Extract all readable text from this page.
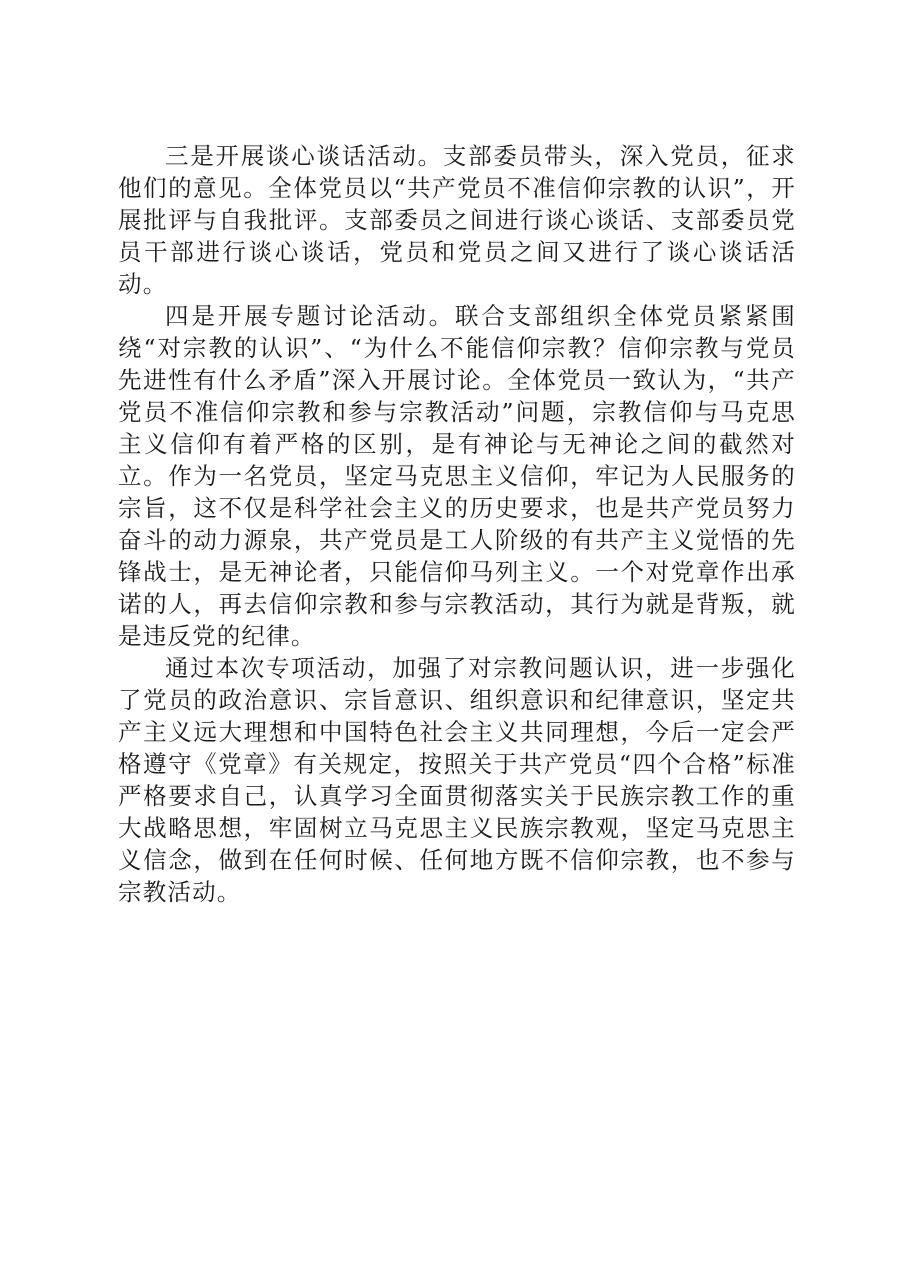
三是开展谈心谈话活动。支部委员带头，深入党员，征求他们的意见。全体党员以“共产党员不准信仰宗教的认识”，开展批评与自我批评。支部委员之间进行谈心谈话、支部委员党员干部进行谈心谈话，党员和党员之间又进行了谈心谈话活动。

四是开展专题讨论活动。联合支部组织全体党员紧紧围绕“对宗教的认识”、“为什么不能信仰宗教？信仰宗教与党员先进性有什么矛盾”深入开展讨论。全体党员一致认为，“共产党员不准信仰宗教和参与宗教活动”问题，宗教信仰与马克思主义信仰有着严格的区别，是有神论与无神论之间的截然对立。作为一名党员，坚定马克思主义信仰，牢记为人民服务的宗旨，这不仅是科学社会主义的历史要求，也是共产党员努力奋斗的动力源泉，共产党员是工人阶级的有共产主义觉悟的先锋战士，是无神论者，只能信仰马列主义。一个对党章作出承诺的人，再去信仰宗教和参与宗教活动，其行为就是背叛，就是违反党的纪律。

通过本次专项活动，加强了对宗教问题认识，进一步强化了党员的政治意识、宗旨意识、组织意识和纪律意识，坚定共产主义远大理想和中国特色社会主义共同理想，今后一定会严格遵守《党章》有关规定，按照关于共产党员“四个合格”标准严格要求自己，认真学习全面贯彻落实关于民族宗教工作的重大战略思想，牢固树立马克思主义民族宗教观，坚定马克思主义信念，做到在任何时候、任何地方既不信仰宗教，也不参与宗教活动。
